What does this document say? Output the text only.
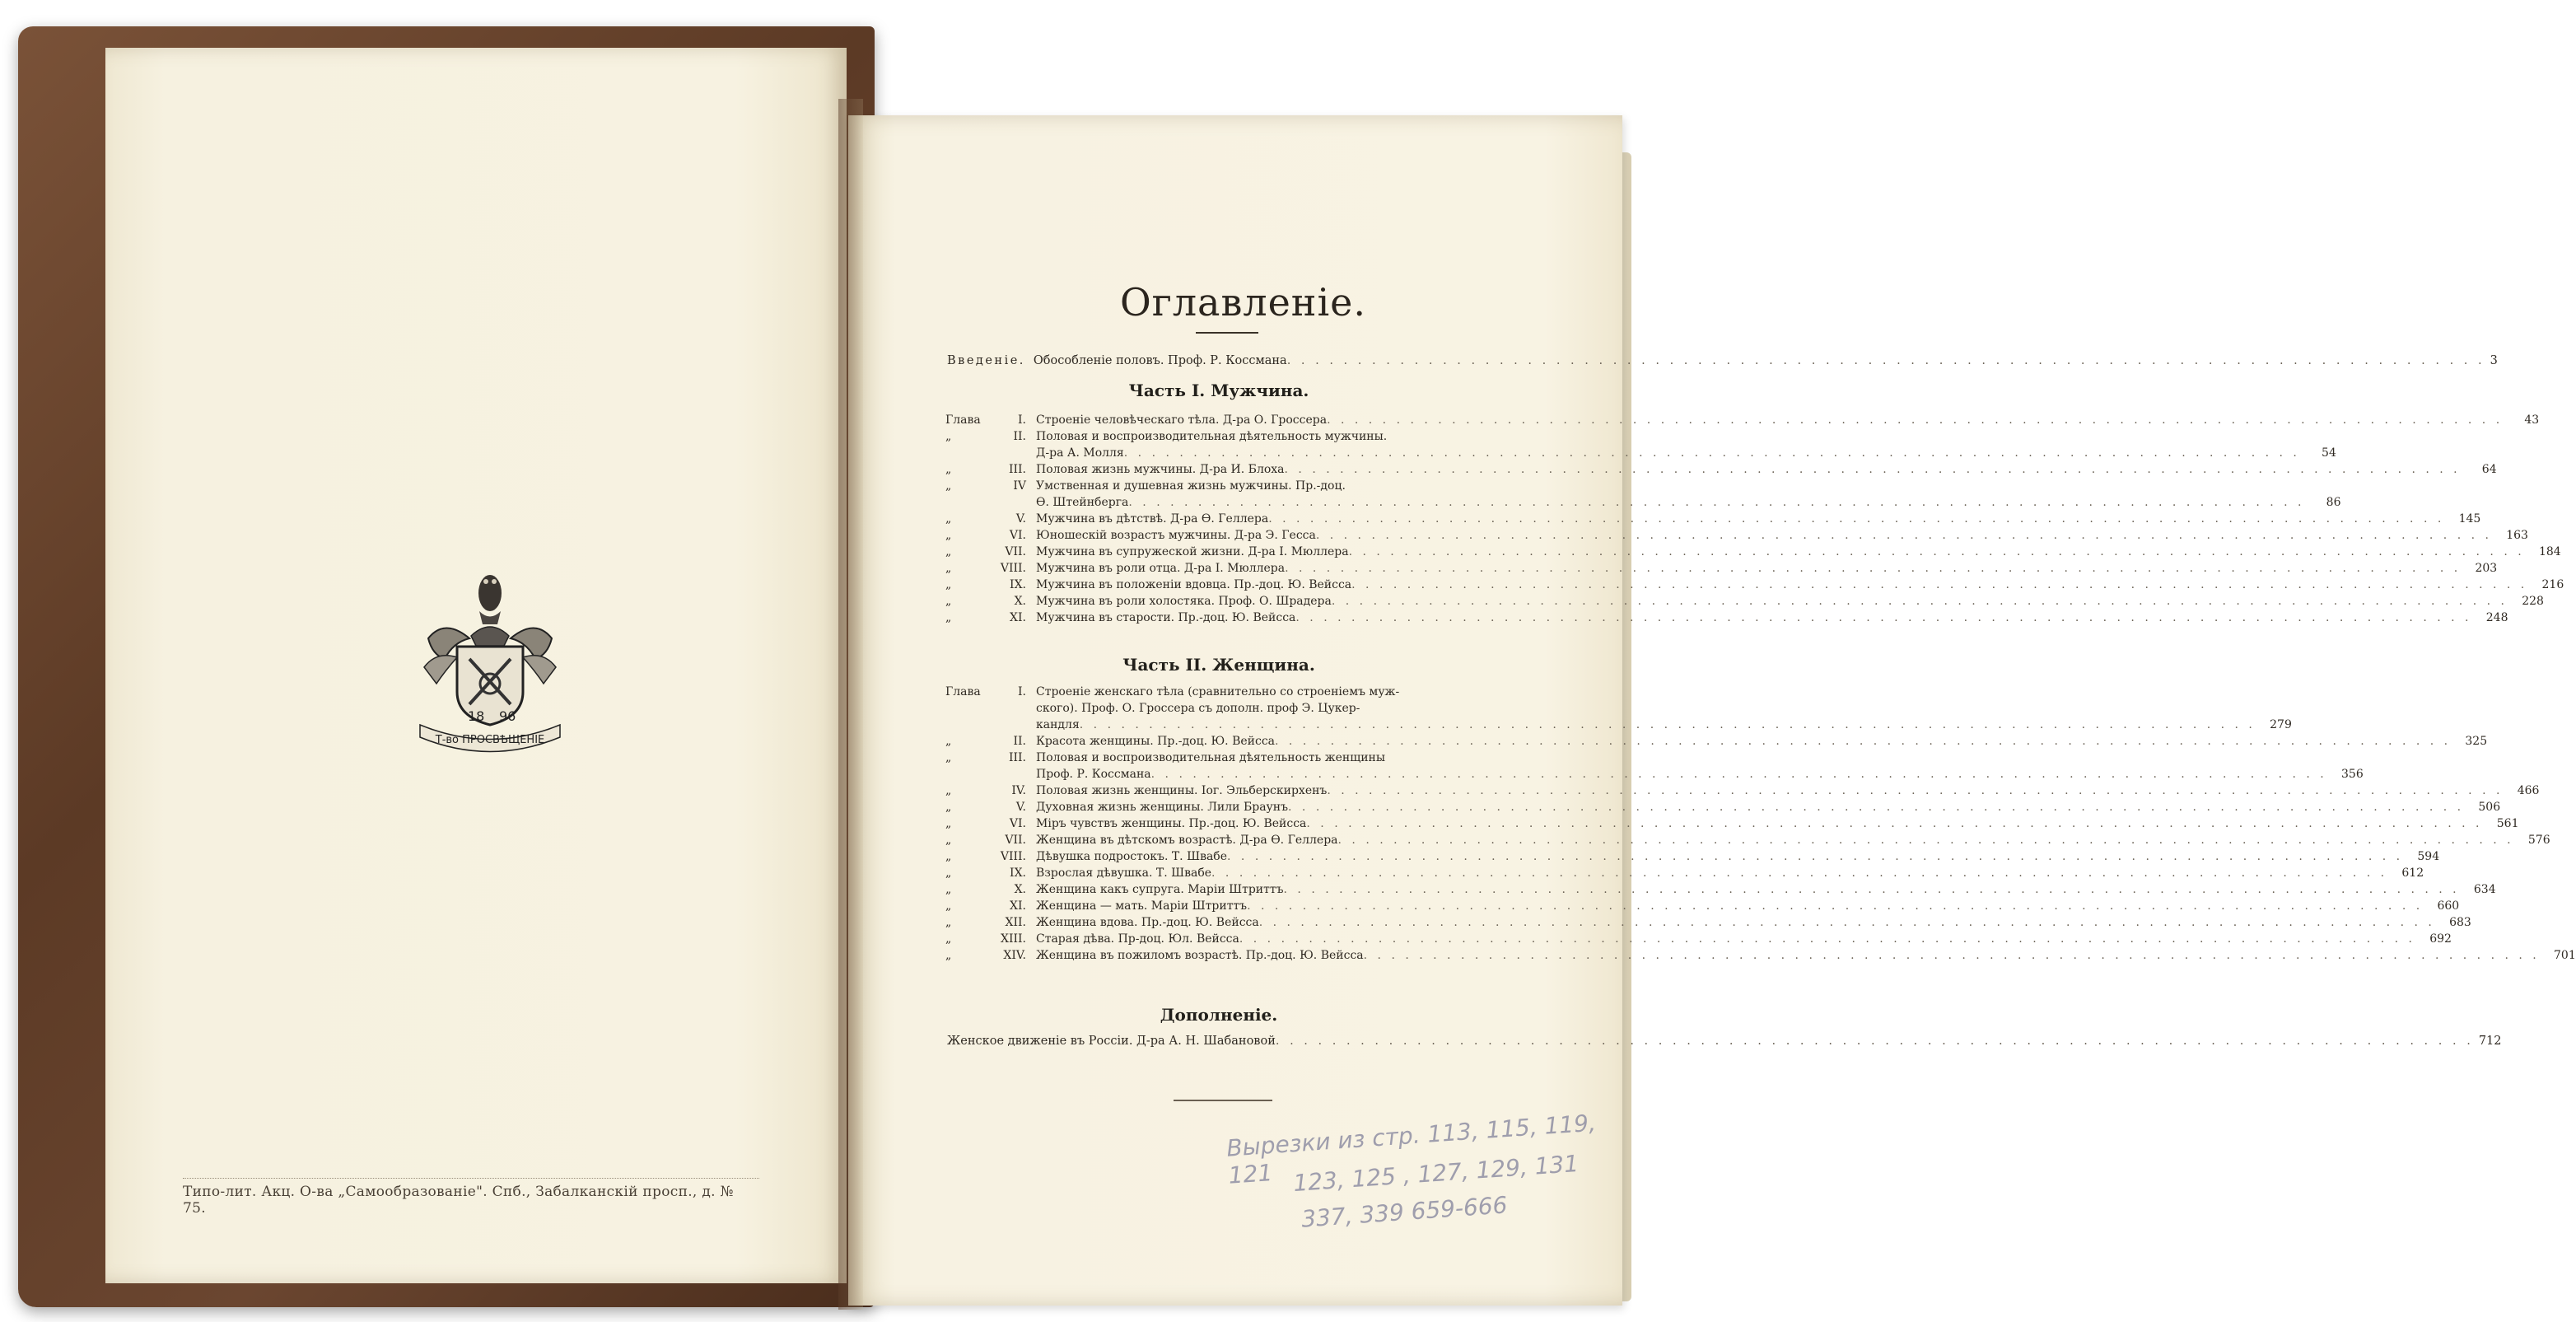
18 96
Т-во ПРОСВѢЩЕНІЕ
Типо-лит. Акц. О-ва „Самообразованіе". Спб., Забалканскій просп., д. № 75.
Оглавленіе.
Введеніе. Обособленіе половъ. Проф. Р. Коссмана . . .	3
Часть I. Мужчина.
Глава	I. Строеніе человѣческаго тѣла. Д-ра О. Гроссера . . .	43
„	II. Половая и воспроизводительная дѣятельность мужчины.
Д-ра А. Молля . . .	54
„	III. Половая жизнь мужчины. Д-ра И. Блоха . . .	64
„	IV Умственная и душевная жизнь мужчины. Пр.-доц.
Ѳ. Штейнберга . . .	86
„	V. Мужчина въ дѣтствѣ. Д-ра Ѳ. Геллера . . .	145
„	VI. Юношескій возрастъ мужчины. Д-ра Э. Гесса . . .	163
„	VII. Мужчина въ супружеской жизни. Д-ра I. Мюллера . . .	184
„	VIII. Мужчина въ роли отца. Д-ра I. Мюллера . . .	203
„	IX. Мужчина въ положеніи вдовца. Пр.-доц. Ю. Вейсса . . .	216
„	X. Мужчина въ роли холостяка. Проф. О. Шрадера . . .	228
„	XI. Мужчина въ старости. Пр.-доц. Ю. Вейсса . . .	248
Часть II. Женщина.
Глава	I. Строеніе женскаго тѣла (сравнительно со строеніемъ муж-
ского). Проф. О. Гроссера съ дополн. проф Э. Цукер-
кандля . . .	279
„	II. Красота женщины. Пр.-доц. Ю. Вейсса . . .	325
„	III. Половая и воспроизводительная дѣятельность женщины
Проф. Р. Коссмана . . .	356
„	IV. Половая жизнь женщины. Іог. Эльберскирхенъ . . .	466
„	V. Духовная жизнь женщины. Лили Браунъ . . .	506
„	VI. Міръ чувствъ женщины. Пр.-доц. Ю. Вейсса . . .	561
„	VII. Женщина въ дѣтскомъ возрастѣ. Д-ра Ѳ. Геллера . . .	576
„	VIII. Дѣвушка подростокъ. Т. Швабе . . .	594
„	IX. Взрослая дѣвушка. Т. Швабе . . .	612
„	X. Женщина какъ супруга. Маріи Штриттъ . . .	634
„	XI. Женщина — мать. Маріи Штриттъ . . .	660
„	XII. Женщина вдова. Пр.-доц. Ю. Вейсса . . .	683
„	XIII. Старая дѣва. Пр-доц. Юл. Вейсса . . .	692
„	XIV. Женщина въ пожиломъ возрастѣ. Пр.-доц. Ю. Вейсса . . .	701
Дополненіе.
Женское движеніе въ Россіи. Д-ра А. Н. Шабановой . . .	712
Вырезки из стр. 113, 115, 119, 121 123, 125 , 127, 129, 131
337, 339 659-666
